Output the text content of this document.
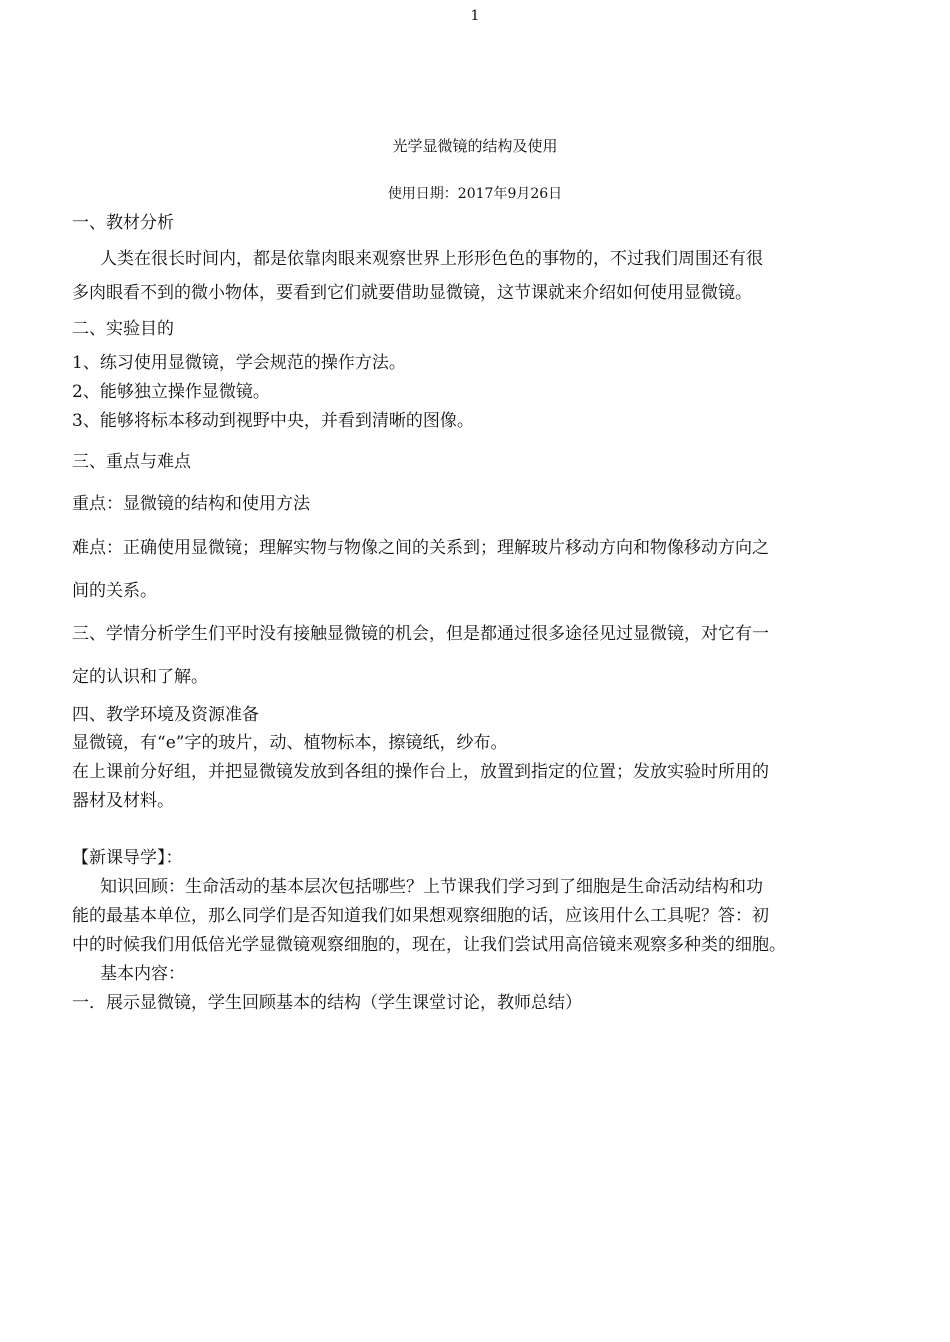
1
光学显微镜的结构及使用
使用日期：2017年9月26日
一、教材分析
人类在很长时间内，都是依靠肉眼来观察世界上形形色色的事物的，不过我们周围还有很
多肉眼看不到的微小物体，要看到它们就要借助显微镜，这节课就来介绍如何使用显微镜。
二、实验目的
1、练习使用显微镜，学会规范的操作方法。
2、能够独立操作显微镜。
3、能够将标本移动到视野中央，并看到清晰的图像。
三、重点与难点
重点：显微镜的结构和使用方法
难点：正确使用显微镜；理解实物与物像之间的关系到；理解玻片移动方向和物像移动方向之
间的关系。
三、学情分析学生们平时没有接触显微镜的机会，但是都通过很多途径见过显微镜，对它有一
定的认识和了解。
四、教学环境及资源准备
显微镜，有“e”字的玻片，动、植物标本，擦镜纸，纱布。
在上课前分好组，并把显微镜发放到各组的操作台上，放置到指定的位置；发放实验时所用的
器材及材料。
【新课导学】：
知识回顾：生命活动的基本层次包括哪些？上节课我们学习到了细胞是生命活动结构和功
能的最基本单位，那么同学们是否知道我们如果想观察细胞的话，应该用什么工具呢？答：初
中的时候我们用低倍光学显微镜观察细胞的，现在，让我们尝试用高倍镜来观察多种类的细胞。
基本内容：
一．展示显微镜，学生回顾基本的结构（学生课堂讨论，教师总结）
